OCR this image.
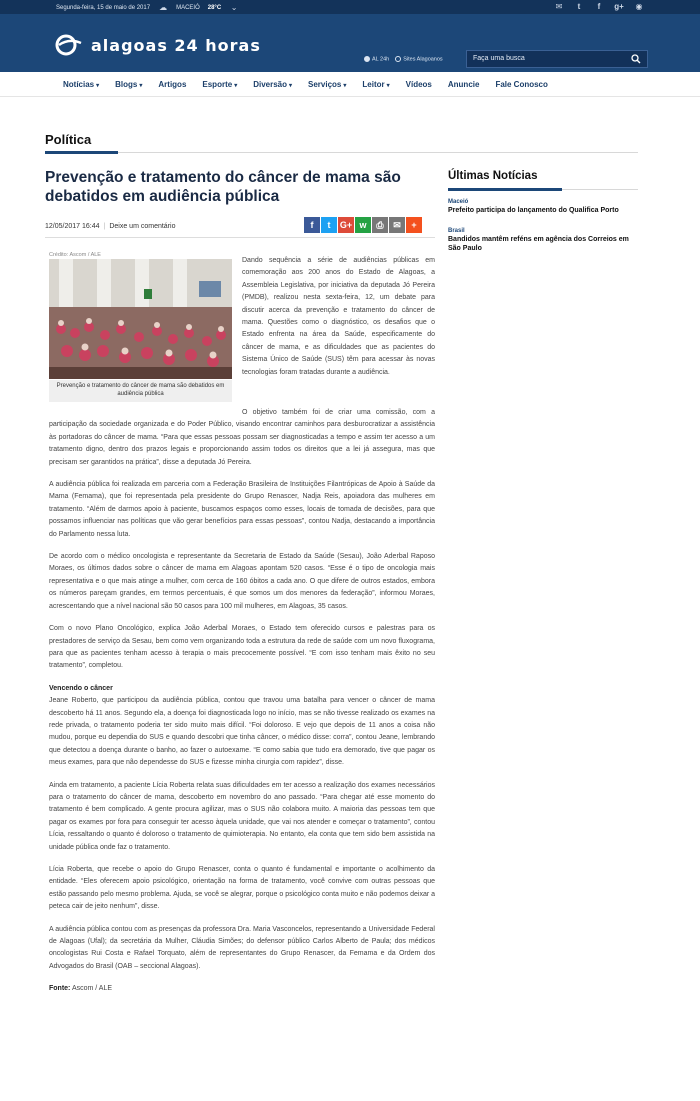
Segunda-feira, 15 de maio de 2017 ☁ MACEIÓ 28°C ⌄	✉	t	f	g+ ◉
alagoas 24 horas
AL 24h	Sites Alagoanos	Faça uma busca
Notícias ▾	Blogs ▾	Artigos	Esporte ▾	Diversão ▾	Serviços ▾	Leitor ▾	Vídeos	Anuncie	Fale Conosco
Política
Prevenção e tratamento do câncer de mama são debatidos em audiência pública
12/05/2017 16:44 | Deixe um comentário	f	t	G+ w	⎙	✉	+
Crédito: Ascom / ALE
Prevenção e tratamento do câncer de mama são debatidos em audiência pública

Dando sequência a série de audiências públicas em comemoração aos 200 anos do Estado de Alagoas, a Assembleia Legislativa, por iniciativa da deputada Jó Pereira (PMDB), realizou nesta sexta-feira, 12, um debate para discutir acerca da prevenção e tratamento do câncer de mama. Questões como o diagnóstico, os desafios que o Estado enfrenta na área da Saúde, especificamente do câncer de mama, e as dificuldades que as pacientes do Sistema Único de Saúde (SUS) têm para acessar às novas tecnologias foram tratadas durante a audiência.

O objetivo também foi de criar uma comissão, com a participação da sociedade organizada e do Poder Público, visando encontrar caminhos para desburocratizar a assistência às portadoras do câncer de mama. “Para que essas pessoas possam ser diagnosticadas a tempo e assim ter acesso a um tratamento digno, dentro dos prazos legais e proporcionando assim todos os direitos que a lei já assegura, mas que precisam ser garantidos na prática”, disse a deputada Jó Pereira.

A audiência pública foi realizada em parceria com a Federação Brasileira de Instituições Filantrópicas de Apoio à Saúde da Mama (Femama), que foi representada pela presidente do Grupo Renascer, Nadja Reis, apoiadora das mulheres em tratamento. “Além de darmos apoio à paciente, buscamos espaços como esses, locais de tomada de decisões, para que possamos influenciar nas políticas que vão gerar benefícios para essas pessoas”, contou Nadja, destacando a importância do Parlamento nessa luta.

De acordo com o médico oncologista e representante da Secretaria de Estado da Saúde (Sesau), João Aderbal Raposo Moraes, os últimos dados sobre o câncer de mama em Alagoas apontam 520 casos. “Esse é o tipo de oncologia mais representativa e o que mais atinge a mulher, com cerca de 160 óbitos a cada ano. O que difere de outros estados, embora os números pareçam grandes, em termos percentuais, é que somos um dos menores da federação”, informou Moraes, acrescentando que a nível nacional são 50 casos para 100 mil mulheres, em Alagoas, 35 casos.

Com o novo Plano Oncológico, explica João Aderbal Moraes, o Estado tem oferecido cursos e palestras para os prestadores de serviço da Sesau, bem como vem organizando toda a estrutura da rede de saúde com um novo fluxograma, para que as pacientes tenham acesso à terapia o mais precocemente possível. “E com isso tenham mais êxito no seu tratamento”, completou.

Vencendo o câncer

Jeane Roberto, que participou da audiência pública, contou que travou uma batalha para vencer o câncer de mama descoberto há 11 anos. Segundo ela, a doença foi diagnosticada logo no início, mas se não tivesse realizado os exames na rede privada, o tratamento poderia ter sido muito mais difícil. “Foi doloroso. E vejo que depois de 11 anos a coisa não mudou, porque eu dependia do SUS e quando descobri que tinha câncer, o médico disse: corra”, contou Jeane, lembrando que detectou a doença durante o banho, ao fazer o autoexame. “E como sabia que tudo era demorado, tive que pagar os meus exames, para que não dependesse do SUS e fizesse minha cirurgia com rapidez”, disse.

Ainda em tratamento, a paciente Lícia Roberta relata suas dificuldades em ter acesso a realização dos exames necessários para o tratamento do câncer de mama, descoberto em novembro do ano passado. “Para chegar até esse momento do tratamento é bem complicado. A gente procura agilizar, mas o SUS não colabora muito. A maioria das pessoas tem que pagar os exames por fora para conseguir ter acesso àquela unidade, que vai nos atender e começar o tratamento”, contou Lícia, ressaltando o quanto é doloroso o tratamento de quimioterapia. No entanto, ela conta que tem sido bem assistida na unidade pública onde faz o tratamento.

Lícia Roberta, que recebe o apoio do Grupo Renascer, conta o quanto é fundamental e importante o acolhimento da entidade. “Eles oferecem apoio psicológico, orientação na forma de tratamento, você convive com outras pessoas que estão passando pelo mesmo problema. Ajuda, se você se alegrar, porque o psicológico conta muito e não podemos deixar a peteca cair de jeito nenhum”, disse.

A audiência pública contou com as presenças da professora Dra. Maria Vasconcelos, representando a Universidade Federal de Alagoas (Ufal); da secretária da Mulher, Cláudia Simões; do defensor público Carlos Alberto de Paula; dos médicos oncologistas Rui Costa e Rafael Torquato, além de representantes do Grupo Renascer, da Femama e da Ordem dos Advogados do Brasil (OAB – seccional Alagoas).

Fonte: Ascom / ALE

Últimas Notícias
Maceió
Prefeito participa do lançamento do Qualifica Porto
Brasil
Bandidos mantêm reféns em agência dos Correios em São Paulo
